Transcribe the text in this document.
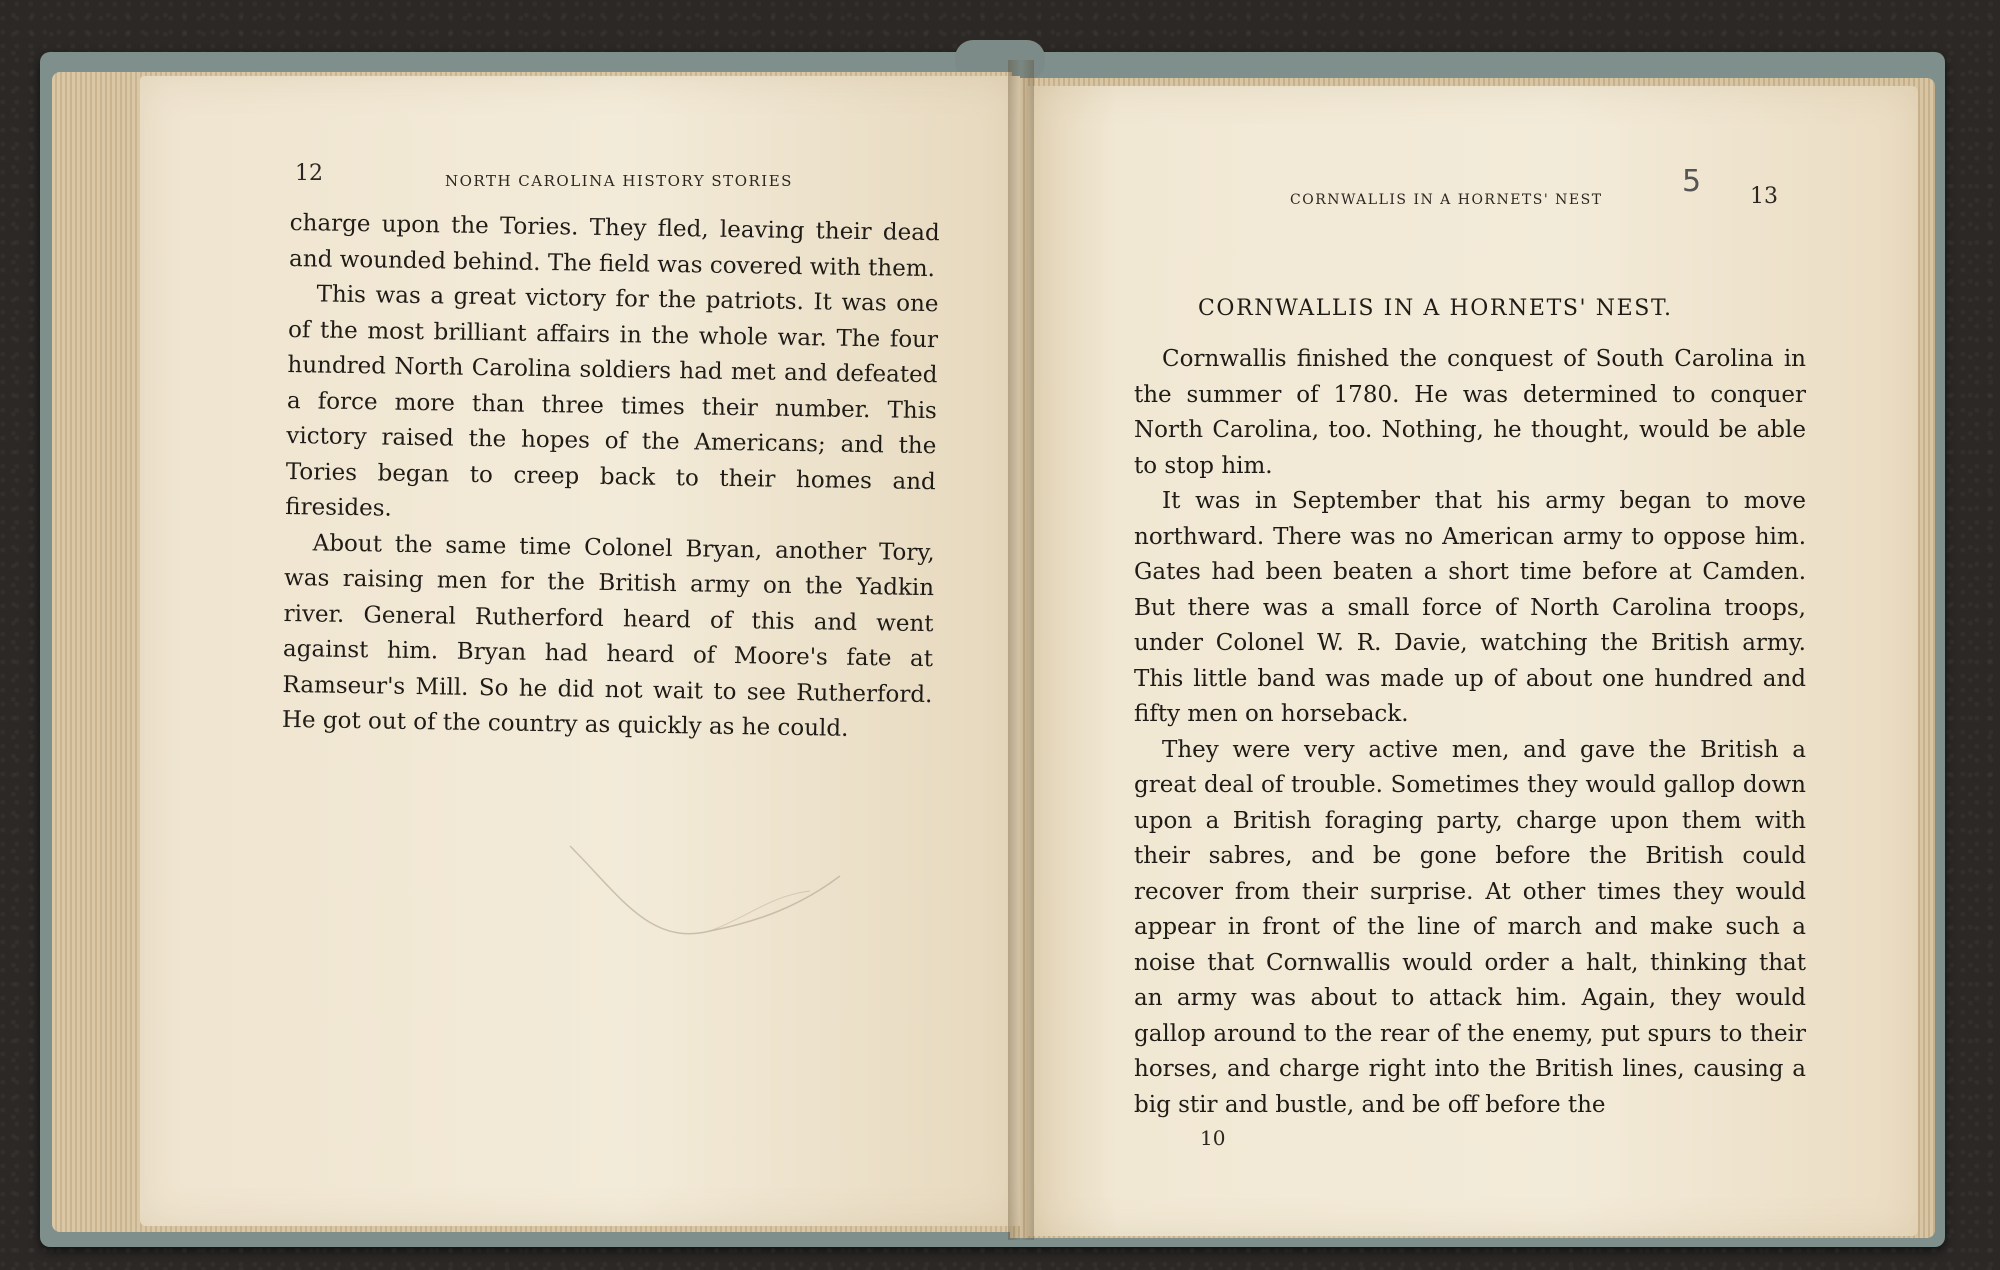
12	NORTH CAROLINA HISTORY STORIES

charge upon the Tories. They fled, leaving their dead and wounded behind. The field was covered with them.

This was a great victory for the patriots. It was one of the most brilliant affairs in the whole war. The four hundred North Carolina soldiers had met and defeated a force more than three times their number. This victory raised the hopes of the Americans; and the Tories began to creep back to their homes and firesides.

About the same time Colonel Bryan, another Tory, was raising men for the British army on the Yadkin river. General Rutherford heard of this and went against him. Bryan had heard of Moore's fate at Ramseur's Mill. So he did not wait to see Rutherford. He got out of the country as quickly as he could.

CORNWALLIS IN A HORNETS' NEST
5 13
CORNWALLIS IN A HORNETS' NEST.

Cornwallis finished the conquest of South Carolina in the summer of 1780. He was determined to conquer North Carolina, too. Nothing, he thought, would be able to stop him.

It was in September that his army began to move northward. There was no American army to oppose him. Gates had been beaten a short time before at Camden. But there was a small force of North Carolina troops, under Colonel W. R. Davie, watching the British army. This little band was made up of about one hundred and fifty men on horseback.

They were very active men, and gave the British a great deal of trouble. Sometimes they would gallop down upon a British foraging party, charge upon them with their sabres, and be gone before the British could recover from their surprise. At other times they would appear in front of the line of march and make such a noise that Cornwallis would order a halt, thinking that an army was about to attack him. Again, they would gallop around to the rear of the enemy, put spurs to their horses, and charge right into the British lines, causing a big stir and bustle, and be off before the

10
